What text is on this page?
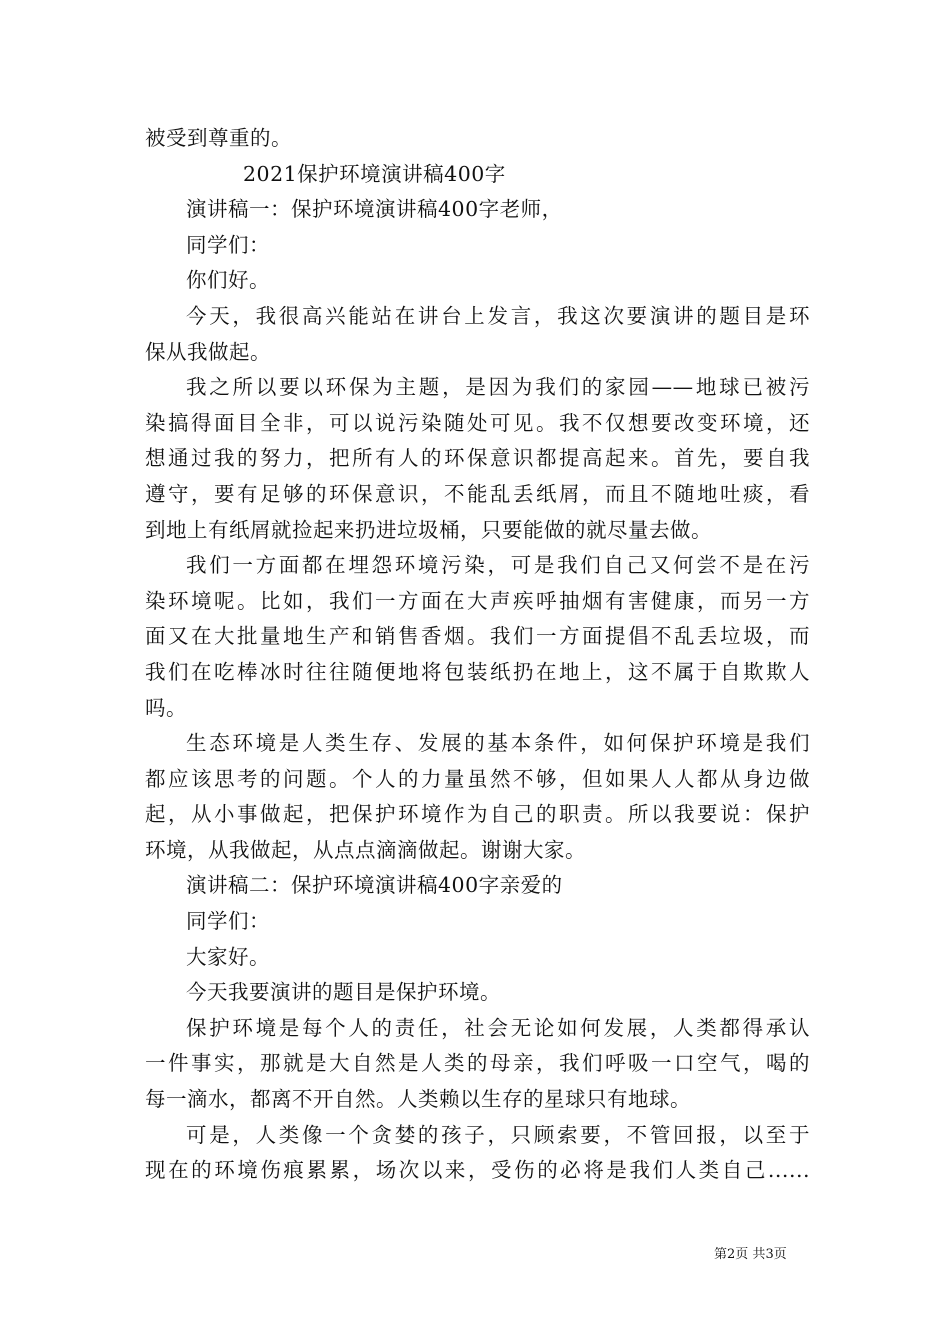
被受到尊重的。
2021保护环境演讲稿400字
演讲稿一：保护环境演讲稿400字老师，
同学们：
你们好。
今天，我很高兴能站在讲台上发言，我这次要演讲的题目是环
保从我做起。
我之所以要以环保为主题，是因为我们的家园——地球已被污
染搞得面目全非，可以说污染随处可见。我不仅想要改变环境，还
想通过我的努力，把所有人的环保意识都提高起来。首先，要自我
遵守，要有足够的环保意识，不能乱丢纸屑，而且不随地吐痰，看
到地上有纸屑就捡起来扔进垃圾桶，只要能做的就尽量去做。
我们一方面都在埋怨环境污染，可是我们自己又何尝不是在污
染环境呢。比如，我们一方面在大声疾呼抽烟有害健康，而另一方
面又在大批量地生产和销售香烟。我们一方面提倡不乱丢垃圾，而
我们在吃棒冰时往往随便地将包装纸扔在地上，这不属于自欺欺人
吗。
生态环境是人类生存、发展的基本条件，如何保护环境是我们
都应该思考的问题。个人的力量虽然不够，但如果人人都从身边做
起，从小事做起，把保护环境作为自己的职责。所以我要说：保护
环境，从我做起，从点点滴滴做起。谢谢大家。
演讲稿二：保护环境演讲稿400字亲爱的
同学们：
大家好。
今天我要演讲的题目是保护环境。
保护环境是每个人的责任，社会无论如何发展，人类都得承认
一件事实，那就是大自然是人类的母亲，我们呼吸一口空气，喝的
每一滴水，都离不开自然。人类赖以生存的星球只有地球。
可是，人类像一个贪婪的孩子，只顾索要，不管回报，以至于
现在的环境伤痕累累，场次以来，受伤的必将是我们人类自己......
第2页 共3页
